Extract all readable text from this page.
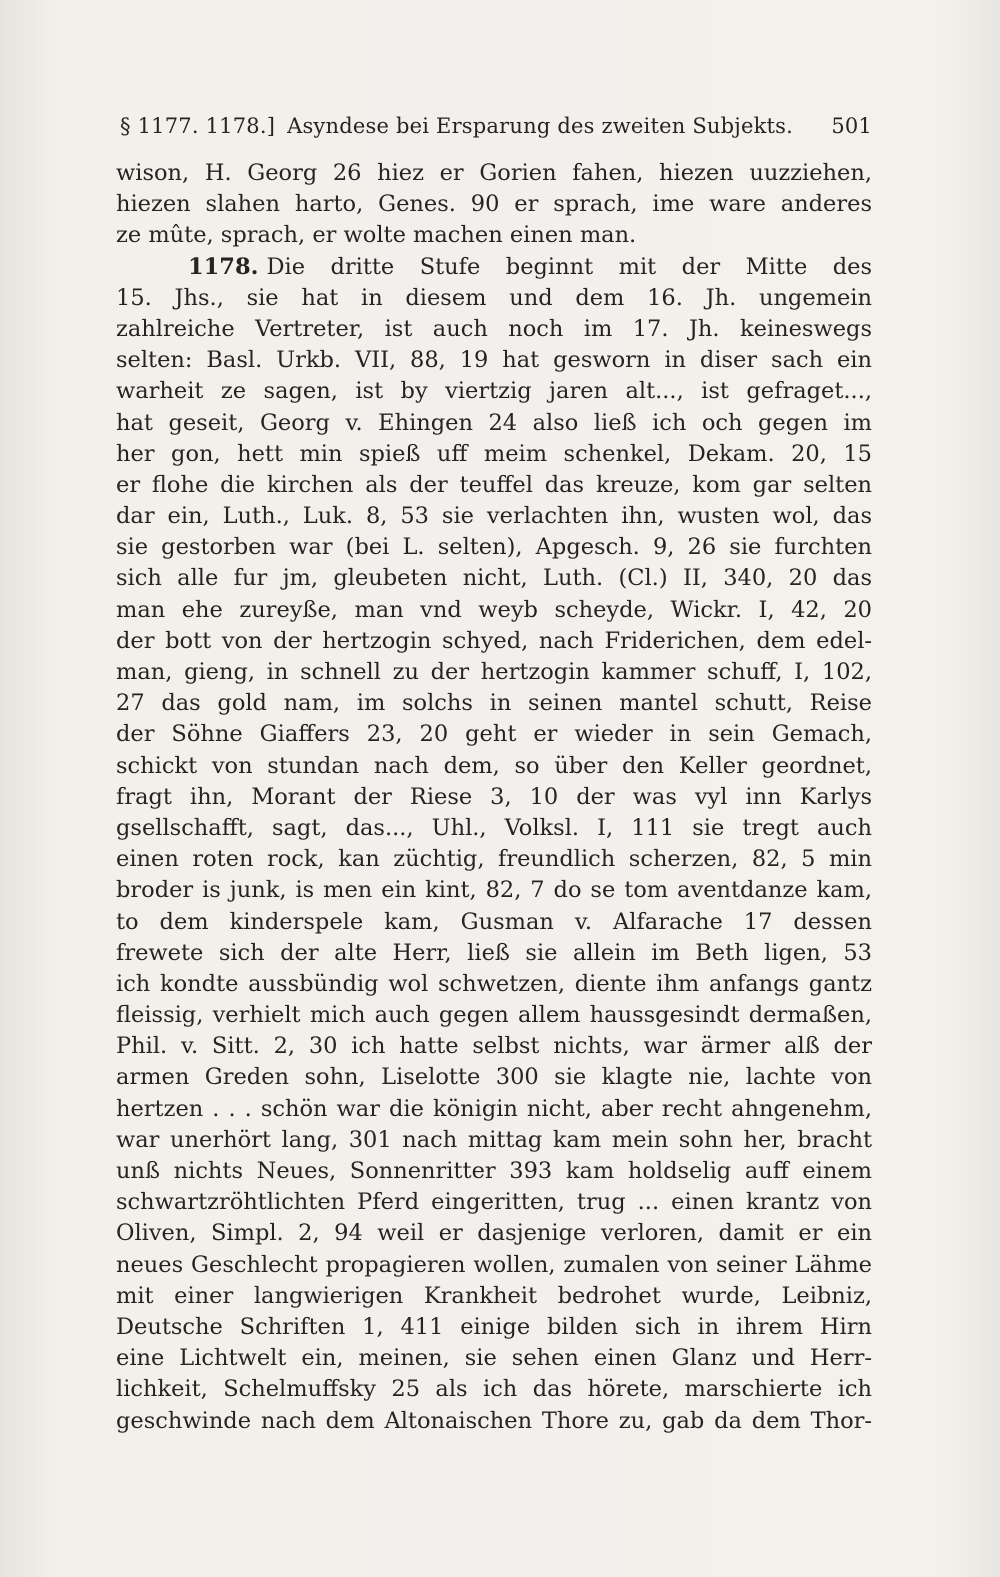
§ 1177. 1178.] Asyndese bei Ersparung des zweiten Subjekts.	501
wison, H. Georg 26 hiez er Gorien fahen, hiezen uuzziehen,
hiezen slahen harto, Genes. 90 er sprach, ime ware anderes
ze mûte, sprach, er wolte machen einen man.
1178. Die dritte Stufe beginnt mit der Mitte des
15. Jhs., sie hat in diesem und dem 16. Jh. ungemein
zahlreiche Vertreter, ist auch noch im 17. Jh. keineswegs
selten: Basl. Urkb. VII, 88, 19 hat gesworn in diser sach ein
warheit ze sagen, ist by viertzig jaren alt..., ist gefraget...,
hat geseit, Georg v. Ehingen 24 also ließ ich och gegen im
her gon, hett min spieß uff meim schenkel, Dekam. 20, 15
er flohe die kirchen als der teuffel das kreuze, kom gar selten
dar ein, Luth., Luk. 8, 53 sie verlachten ihn, wusten wol, das
sie gestorben war (bei L. selten), Apgesch. 9, 26 sie furchten
sich alle fur jm, gleubeten nicht, Luth. (Cl.) II, 340, 20 das
man ehe zureyße, man vnd weyb scheyde, Wickr. I, 42, 20
der bott von der hertzogin schyed, nach Friderichen, dem edel-
man, gieng, in schnell zu der hertzogin kammer schuff, I, 102,
27 das gold nam, im solchs in seinen mantel schutt, Reise
der Söhne Giaffers 23, 20 geht er wieder in sein Gemach,
schickt von stundan nach dem, so über den Keller geordnet,
fragt ihn, Morant der Riese 3, 10 der was vyl inn Karlys
gsellschafft, sagt, das..., Uhl., Volksl. I, 111 sie tregt auch
einen roten rock, kan züchtig, freundlich scherzen, 82, 5 min
broder is junk, is men ein kint, 82, 7 do se tom aventdanze kam,
to dem kinderspele kam, Gusman v. Alfarache 17 dessen
frewete sich der alte Herr, ließ sie allein im Beth ligen, 53
ich kondte aussbündig wol schwetzen, diente ihm anfangs gantz
fleissig, verhielt mich auch gegen allem haussgesindt dermaßen,
Phil. v. Sitt. 2, 30 ich hatte selbst nichts, war ärmer alß der
armen Greden sohn, Liselotte 300 sie klagte nie, lachte von
hertzen . . . schön war die königin nicht, aber recht ahngenehm,
war unerhört lang, 301 nach mittag kam mein sohn her, bracht
unß nichts Neues, Sonnenritter 393 kam holdselig auff einem
schwartzröhtlichten Pferd eingeritten, trug ... einen krantz von
Oliven, Simpl. 2, 94 weil er dasjenige verloren, damit er ein
neues Geschlecht propagieren wollen, zumalen von seiner Lähme
mit einer langwierigen Krankheit bedrohet wurde, Leibniz,
Deutsche Schriften 1, 411 einige bilden sich in ihrem Hirn
eine Lichtwelt ein, meinen, sie sehen einen Glanz und Herr-
lichkeit, Schelmuffsky 25 als ich das hörete, marschierte ich
geschwinde nach dem Altonaischen Thore zu, gab da dem Thor-
